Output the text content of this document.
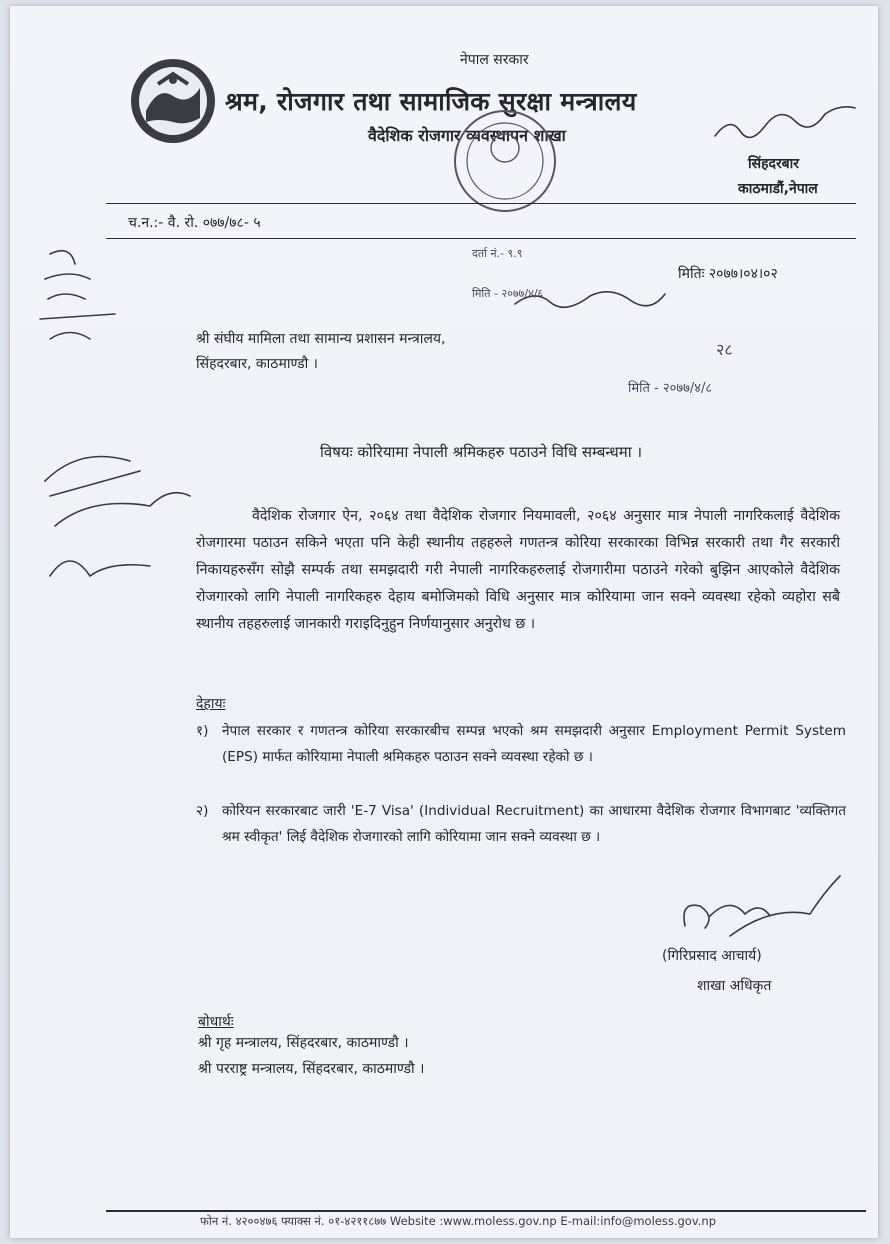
नेपाल सरकार
श्रम, रोजगार तथा सामाजिक सुरक्षा मन्त्रालय
वैदेशिक रोजगार व्यवस्थापन शाखा
सिंहदरबार
काठमाडौं,नेपाल
च.न.:- वै. रो. ०७७/७८- ५
दर्ता नं.- ९.९
मिति - २०७७/४/६
मितिः २०७७।०४।०२
२८
मिति - २०७७/४/८
श्री संघीय मामिला तथा सामान्य प्रशासन मन्त्रालय,
सिंहदरबार, काठमाण्डौ ।
विषयः कोरियामा नेपाली श्रमिकहरु पठाउने विधि सम्बन्धमा ।
वैदेशिक रोजगार ऐन, २०६४ तथा वैदेशिक रोजगार नियमावली, २०६४ अनुसार मात्र नेपाली नागरिकलाई वैदेशिक रोजगारमा पठाउन सकिने भएता पनि केही स्थानीय तहहरुले गणतन्त्र कोरिया सरकारका विभिन्न सरकारी तथा गैर सरकारी निकायहरुसँग सोझै सम्पर्क तथा समझदारी गरी नेपाली नागरिकहरुलाई रोजगारीमा पठाउने गरेको बुझिन आएकोले वैदेशिक रोजगारको लागि नेपाली नागरिकहरु देहाय बमोजिमको विधि अनुसार मात्र कोरियामा जान सक्ने व्यवस्था रहेको व्यहोरा सबै स्थानीय तहहरुलाई जानकारी गराइदिनुहुन निर्णयानुसार अनुरोध छ ।
देहायः
१) नेपाल सरकार र गणतन्त्र कोरिया सरकारबीच सम्पन्न भएको श्रम समझदारी अनुसार Employment Permit System (EPS) मार्फत कोरियामा नेपाली श्रमिकहरु पठाउन सक्ने व्यवस्था रहेको छ ।
२) कोरियन सरकारबाट जारी 'E-7 Visa' (Individual Recruitment) का आधारमा वैदेशिक रोजगार विभागबाट 'व्यक्तिगत श्रम स्वीकृत' लिई वैदेशिक रोजगारको लागि कोरियामा जान सक्ने व्यवस्था छ ।
(गिरिप्रसाद आचार्य)
शाखा अधिकृत
बोधार्थः
श्री गृह मन्त्रालय, सिंहदरबार, काठमाण्डौ ।
श्री परराष्ट्र मन्त्रालय, सिंहदरबार, काठमाण्डौ ।
फोन नं. ४२००४७६ फ्याक्स नं. ०१-४२११८७७ Website :www.moless.gov.np E-mail:info@moless.gov.np
